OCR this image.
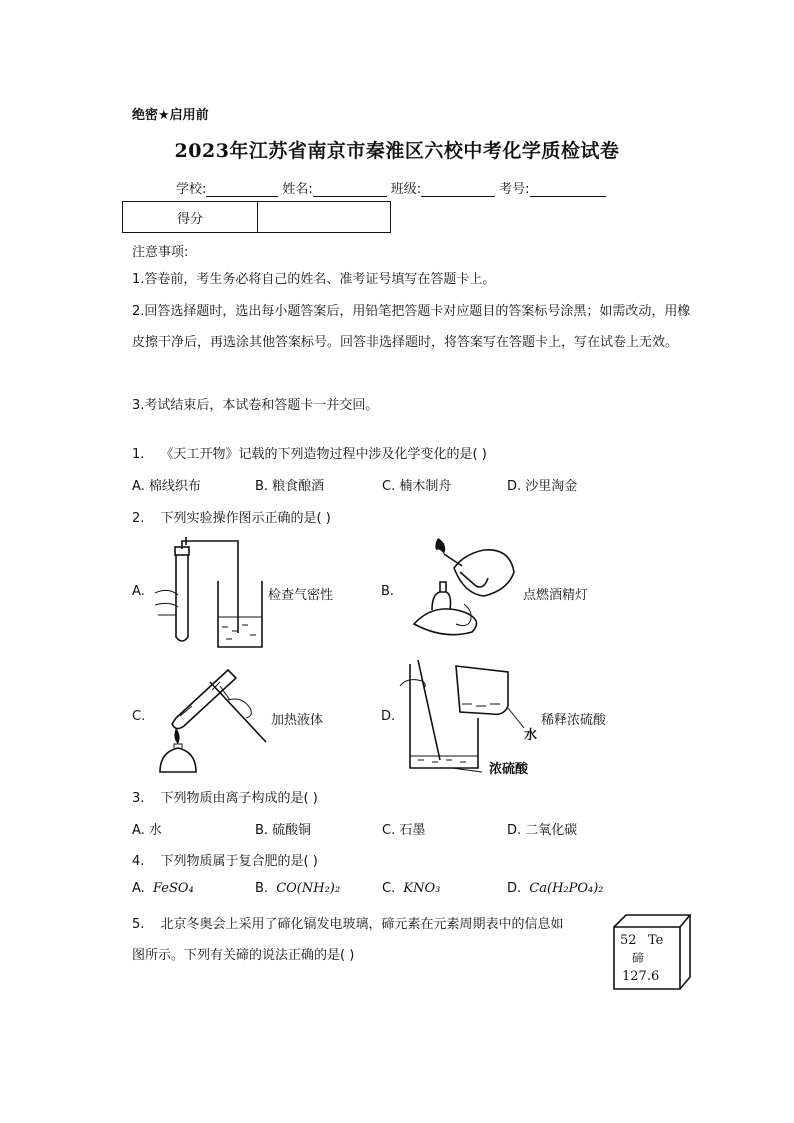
绝密★启用前
2023年江苏省南京市秦淮区六校中考化学质检试卷
学校:	姓名:	班级:	考号:
得分	
注意事项:
1.答卷前，考生务必将自己的姓名、准考证号填写在答题卡上。
2.回答选择题时，选出每小题答案后，用铅笔把答题卡对应题目的答案标号涂黑；如需改动，用橡皮擦干净后，再选涂其他答案标号。回答非选择题时，将答案写在答题卡上，写在试卷上无效。
3.考试结束后，本试卷和答题卡一并交回。
1. 《天工开物》记载的下列造物过程中涉及化学变化的是( )
A. 棉线织布	B. 粮食酿酒	C. 楠木制舟	D. 沙里淘金
2. 下列实验操作图示正确的是( )
A.	检查气密性	B.	点燃酒精灯
C.	加热液体	D.	稀释浓硫酸
水
浓硫酸
3. 下列物质由离子构成的是( )
A. 水	B. 硫酸铜	C. 石墨	D. 二氧化碳
4. 下列物质属于复合肥的是( )
A. FeSO₄	B. CO(NH₂)₂	C. KNO₃	D. Ca(H₂PO₄)₂
5. 北京冬奥会上采用了碲化镉发电玻璃，碲元素在元素周期表中的信息如
图所示。下列有关碲的说法正确的是( )
52 Te
碲
127.6
